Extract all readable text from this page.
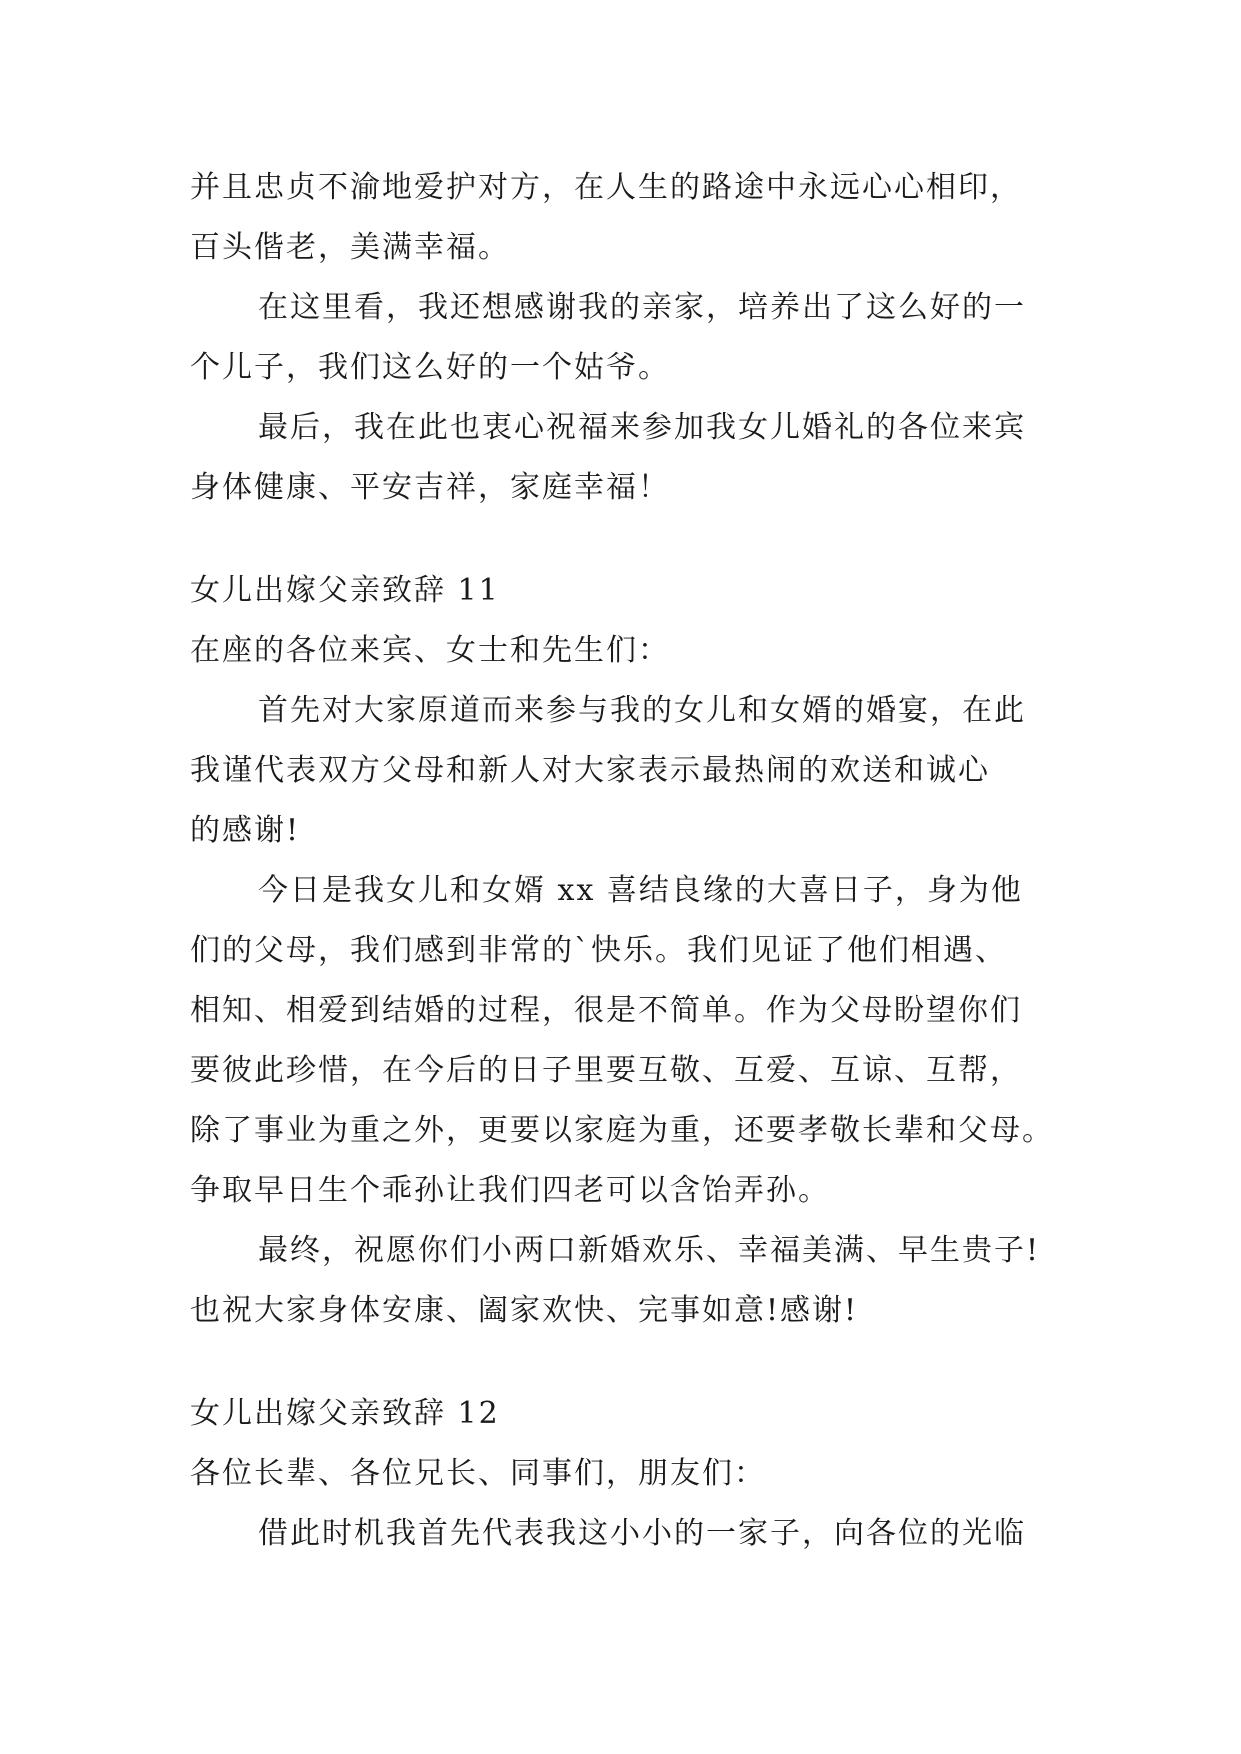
并且忠贞不渝地爱护对方，在人生的路途中永远心心相印，
百头偕老，美满幸福。
在这里看，我还想感谢我的亲家，培养出了这么好的一
个儿子，我们这么好的一个姑爷。
最后，我在此也衷心祝福来参加我女儿婚礼的各位来宾
身体健康、平安吉祥，家庭幸福！
女儿出嫁父亲致辞 11
在座的各位来宾、女士和先生们：
首先对大家原道而来参与我的女儿和女婿的婚宴，在此
我谨代表双方父母和新人对大家表示最热闹的欢送和诚心
的感谢!
今日是我女儿和女婿 xx 喜结良缘的大喜日子，身为他
们的父母，我们感到非常的`快乐。我们见证了他们相遇、
相知、相爱到结婚的过程，很是不简单。作为父母盼望你们
要彼此珍惜，在今后的日子里要互敬、互爱、互谅、互帮，
除了事业为重之外，更要以家庭为重，还要孝敬长辈和父母。
争取早日生个乖孙让我们四老可以含饴弄孙。
最终，祝愿你们小两口新婚欢乐、幸福美满、早生贵子!
也祝大家身体安康、阖家欢快、完事如意!感谢!
女儿出嫁父亲致辞 12
各位长辈、各位兄长、同事们，朋友们：
借此时机我首先代表我这小小的一家子，向各位的光临
